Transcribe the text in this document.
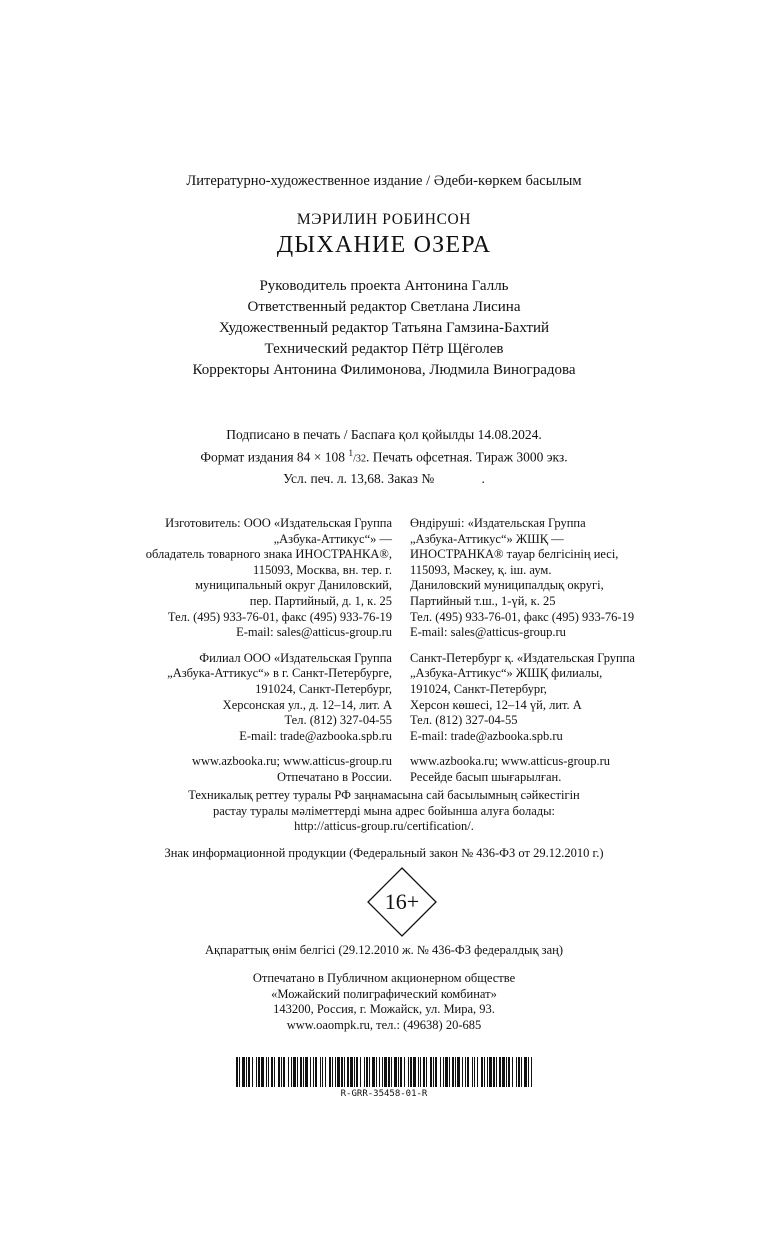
Литературно-художественное издание / Әдеби-көркем басылым
МЭРИЛИН РОБИНСОН
ДЫХАНИЕ ОЗЕРА
Руководитель проекта Антонина Галль
Ответственный редактор Светлана Лисина
Художественный редактор Татьяна Гамзина-Бахтий
Технический редактор Пётр Щёголев
Корректоры Антонина Филимонова, Людмила Виноградова
Подписано в печать / Баспаға қол қойылды 14.08.2024.
Формат издания 84 × 108 $^1$/32. Печать офсетная. Тираж 3000 экз.
Усл. печ. л. 13,68. Заказ №              .
Изготовитель: ООО «Издательская Группа
„Азбука-Аттикус“» —
обладатель товарного знака ИНОСТРАНКА®,
115093, Москва, вн. тер. г.
муниципальный округ Даниловский,
пер. Партийный, д. 1, к. 25
Тел. (495) 933-76-01, факс (495) 933-76-19
E-mail: sales@atticus-group.ru
Филиал ООО «Издательская Группа
„Азбука-Аттикус“» в г. Санкт-Петербурге,
191024, Санкт-Петербург,
Херсонская ул., д. 12–14, лит. А
Тел. (812) 327-04-55
E-mail: trade@azbooka.spb.ru
www.azbooka.ru; www.atticus-group.ru
Отпечатано в России.
Өндіруші: «Издательская Группа
„Азбука-Аттикус“» ЖШҚ —
ИНОСТРАНКА® тауар белгісінің иесі,
115093, Мәскеу, қ. іш. аум.
Даниловский муниципалдық округі,
Партийный т.ш., 1-үй, к. 25
Тел. (495) 933-76-01, факс (495) 933-76-19
E-mail: sales@atticus-group.ru
Санкт-Петербург қ. «Издательская Группа
„Азбука-Аттикус“» ЖШҚ филиалы,
191024, Санкт-Петербург,
Херсон көшесі, 12–14 үй, лит. А
Тел. (812) 327-04-55
E-mail: trade@azbooka.spb.ru
www.azbooka.ru; www.atticus-group.ru
Ресейде басып шығарылған.
Техникалық реттеу туралы РФ заңнамасына сай басылымның сәйкестігін
растау туралы мәліметтерді мына адрес бойынша алуға болады:
http://atticus-group.ru/certification/.
Знак информационной продукции (Федеральный закон № 436-ФЗ от 29.12.2010 г.)
16+
Ақпараттық өнім белгісі (29.12.2010 ж. № 436-ФЗ федералдық заң)
Отпечатано в Публичном акционерном обществе
«Можайский полиграфический комбинат»
143200, Россия, г. Можайск, ул. Мира, 93.
www.oaompk.ru, тел.: (49638) 20-685
R-GRR-35458-01-R
